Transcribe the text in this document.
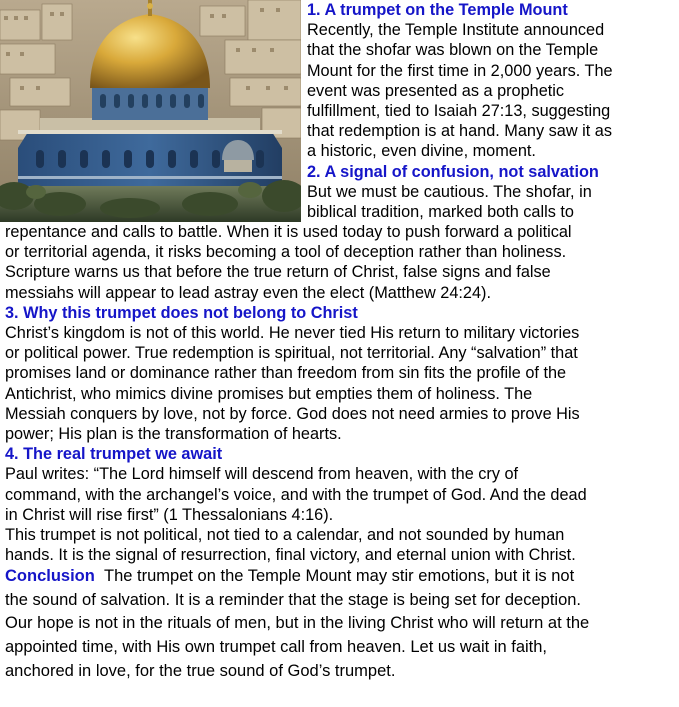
1. A trumpet on the Temple Mount
Recently, the Temple Institute announced
that the shofar was blown on the Temple
Mount for the first time in 2,000 years. The
event was presented as a prophetic
fulfillment, tied to Isaiah 27:13, suggesting
that redemption is at hand. Many saw it as
a historic, even divine, moment.
2. A signal of confusion, not salvation
But we must be cautious. The shofar, in
biblical tradition, marked both calls to
repentance and calls to battle. When it is used today to push forward a political
or territorial agenda, it risks becoming a tool of deception rather than holiness.
Scripture warns us that before the true return of Christ, false signs and false
messiahs will appear to lead astray even the elect (Matthew 24:24).
3. Why this trumpet does not belong to Christ
Christ’s kingdom is not of this world. He never tied His return to military victories
or political power. True redemption is spiritual, not territorial. Any “salvation” that
promises land or dominance rather than freedom from sin fits the profile of the
Antichrist, who mimics divine promises but empties them of holiness. The
Messiah conquers by love, not by force. God does not need armies to prove His
power; His plan is the transformation of hearts.
4. The real trumpet we await
Paul writes: “The Lord himself will descend from heaven, with the cry of
command, with the archangel’s voice, and with the trumpet of God. And the dead
in Christ will rise first” (1 Thessalonians 4:16).
This trumpet is not political, not tied to a calendar, and not sounded by human
hands. It is the signal of resurrection, final victory, and eternal union with Christ.
Conclusion The trumpet on the Temple Mount may stir emotions, but it is not
the sound of salvation. It is a reminder that the stage is being set for deception.
Our hope is not in the rituals of men, but in the living Christ who will return at the
appointed time, with His own trumpet call from heaven. Let us wait in faith,
anchored in love, for the true sound of God’s trumpet.
